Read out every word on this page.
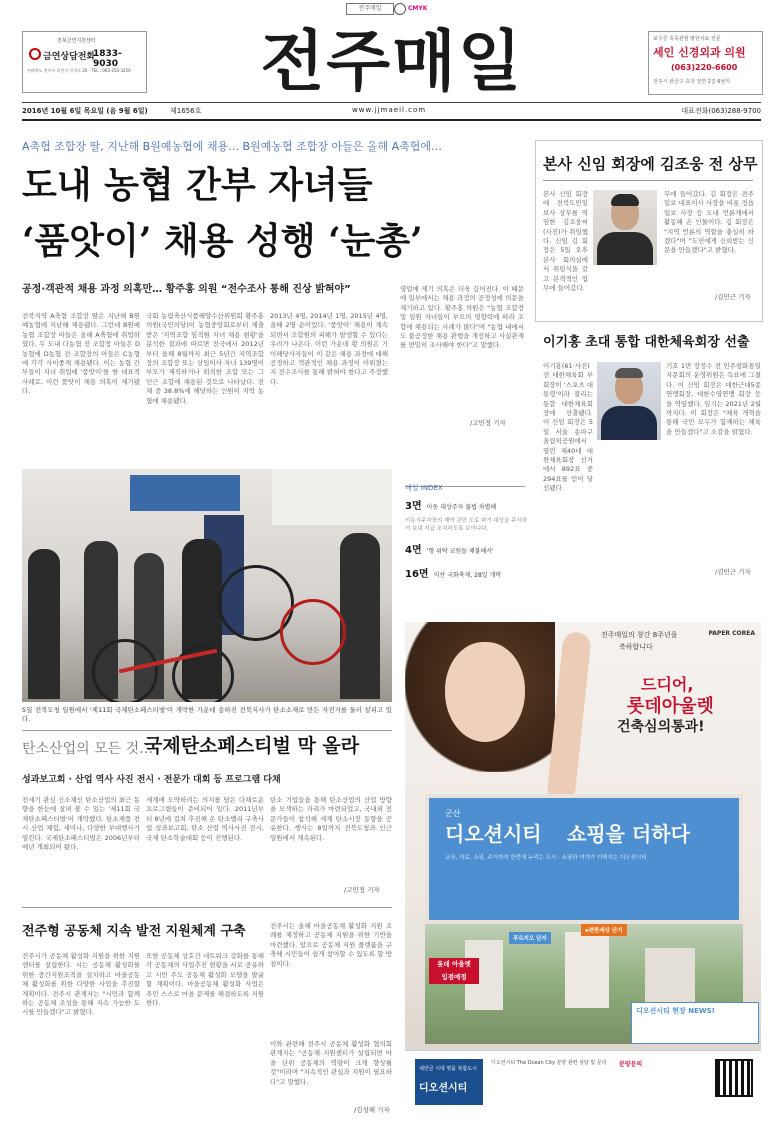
전주매일	CMYK
전북금연지원센터
금연상담전화
1833-9030
전라북도 전주시 덕진구 건지로 20 · TEL : 063-250-3250	전주매일	보수골 족족관절 병원치료 전문
세인 신경외과 의원
(063)220-6600
전주시 완산구 효자 전연 2길 6번지
2016년 10월 6일 목요일 (음 9월 6일)	제1656호	www.jjmaeil.com	대표전화(063)288-9700
A축협 조합장 딸, 지난해 B원예농협에 채용… B원예농협 조합장 아들은 올해 A축협에…
도내 농협 간부 자녀들
‘품앗이’ 채용 성행 ‘눈총’
공정·객관적 채용 과정 의혹만… 황주홍 의원 “전수조사 통해 진상 밝혀야”
전북지역 A축협 조합장 딸은 지난해 B원예농협에 지난해 채용됐다. 그런데 B원예농협 조합장 아들은 올해 A축협에 취업하였다. 두 도내 다농협 전 조합장 아들은 D농협에 D농협 전 조합장의 아들은 C농협에 각각 사이좋게 채용됐다. 이는 농협 간부들이 자녀 취업에 '품앗이'를 한 대표적 사례로, 이런 품앗이 채용 의혹이 제기됐다.
국회 농림축산식품해양수산위원회 황주홍 의원(국민의당)이 농협중앙회로부터 제출받은 '지역조합 임직원 자녀 채용 현황'을 분석한 결과에 따르면 전국에서 2012년부터 올해 8월까지 최근 5년간 지역조합장의 조합장 또는 상임이사 자녀 139명이 부모가 재직하거나 퇴직한 조합 또는 그 인근 조합에 채용된 것으로 나타났다. 전체 중 38.8%에 해당하는 인원이 지역 농협에 채용됐다.
2013년 4명, 2014년 1명, 2015년 4명, 올해 2명 순이었다. '품앗이' 채용이 계속되면서 조합원의 피해가 발생할 수 있다는 우려가 나온다. 이런 가운데 황 의원은 기 이해당사자들이 이 같은 채용 과정에 대해 공정하고 객관적인 채용 과정이 이뤄졌는지 전수조사를 통해 밝혀야 한다고 주장했다.
영업에 제기 의혹은 더욱 깊어진다. 이 때문에 일부에서는 채용 과정의 공정성에 의문을 제기하고 있다. 황주홍 의원은 "농협 조합장 및 임원 자녀들이 부모의 영향력에 따라 조합에 채용되는 사례가 많다"며 "농협 내에서도 불공정한 채용 관행을 개선하고 사실관계를 면밀히 조사해야 한다"고 말했다.
/고민정 기자
5일 전북도청 일원에서 '제11회 국제탄소페스티벌'이 개막한 가운데 송하진 전북지사가 탄소소재로 만든 자전거를 둘러 살피고 있다.
탄소산업의 모든 것…
국제탄소페스티벌 막 올라
성과보고회 · 산업 역사 사진 전시 · 전문가 대회 등 프로그램 다채
전세기 관심 신소재인 탄소산업의 최근 동향을 한눈에 살펴 볼 수 있는 '제11회 국제탄소페스티벌'이 개막했다. 탄소제품 전시 산업 체험, 세미나, 다양한 부대행사가 열린다. 국제탄소페스티벌은 2006년부터 매년 개최되어 왔다.
세계에 도약하려는 의지를 담은 다채로운 프로그램들이 준비되어 있다. 2011년부터 8년에 걸쳐 추진해 온 탄소밸리 구축사업 성과보고회, 탄소 산업 역사사진 전시, 국제 탄소학술대회 등이 진행된다.
탄소 기업들을 통해 탄소산업의 산업 방향을 모색하는 자리가 마련되었고, 국내외 전문가들이 참석해 세계 탄소시장 동향을 공유한다. 행사는 8일까지 전북도청과 인근 일원에서 계속된다.
/고민정 기자
전주형 공동체 지속 발전 지원체계 구축
전주시가 공동체 활성화 지원을 위한 지원센터를 설립한다. 시는 공동체 활성화를 위한 중간지원조직을 설치하고 마을공동체 활성화를 위한 다양한 사업을 추진할 계획이다. 전주시 관계자는 "시민과 함께하는 공동체 조성을 통해 지속 가능한 도시를 만들겠다"고 밝혔다.
또한 공동체 상호간 네트워크 강화를 통해 각 공동체의 사업추진 현황을 서로 공유하고 시민 주도 공동체 활성화 모델을 발굴할 계획이다. 마을공동체 활성화 사업은 주민 스스로 마을 문제를 해결하도록 지원한다.
전주시는 올해 마을공동체 활성화 지원 조례를 제정하고 공동체 지원을 위한 기반을 마련했다. 앞으로 공동체 지원 플랫폼을 구축해 시민들이 쉽게 참여할 수 있도록 할 방침이다.
이와 관련해 전주시 공동체 활성화 협의회 관계자는 "공동체 지원센터가 설립되면 마을 단위 공동체의 역량이 크게 향상될 것"이라며 "지속적인 관심과 지원이 필요하다"고 말했다.
/김성해 기자
본사 신임 회장에 김조웅 전 상무
본사 신임 회장에 전북도민일보사 상무를 역임한 김조웅씨(사진)가 취임했다. 신임 김 회장은 5일 오후 본사 회의실에서 취임식을 갖고 본격적인 업무에 들어갔다.
무에 들어갔다. 김 회장은 전주일보 대표이사 사장을 비롯 정읍일보 사장 등 도내 언론계에서 활동해 온 인물이다. 김 회장은 "지역 언론의 역할을 충실히 하겠다"며 "도민에게 신뢰받는 신문을 만들겠다"고 밝혔다.
/김민근 기자
이기홍 초대 통합 대한체육회장 선출
이기홍(61·사진) 전 대한체육회 부회장이 '스포츠 대통령'이라 불리는 통합 대한체육회장에 선출됐다. 이 신임 회장은 5일 서울 송파구 올림픽공원에서 열린 제40대 대한체육회장 선거에서 892표 중 294표를 얻어 당선됐다.
기호 1번 장정수 전 민주평화통일자문회의 운영위원은 득표에 그쳤다. 이 신임 회장은 대한근대5종연맹회장, 대한수영연맹 회장 등을 역임했다. 임기는 2021년 2월까지다. 이 회장은 "체육 개혁을 통해 국민 모두가 함께하는 체육을 만들겠다"고 소감을 밝혔다.
/김민근 기자
매일 INDEX
3면 아동 대상주자 불법 차별해
이동식주차장의 계약 관련 도로 파기 대상을 주시하여 보내 지급 조치하도록 보이니다.
4면 '형 위탁 교원들 체불해서'
16면 익산 국화축제, 28일 개막
PAPER COREA
전주매일의 창간 8주년을
축하합니다
드디어,
롯데아울렛
건축심의통과!
군산
디오션시티 쇼핑을 더하다
교육, 의료, 쇼핑, 주거까지 한번에 누리는 도시 · 쇼핑과 여가가 더해지는 디오션시티
롯데 아울렛
입점예정
푸르지오 단지
e편한세상 단지
디오션시티 현장 NEWS!
새만금 시대 명품 복합도시
디오션시티
디오션시티 The Ocean City 분양 관련 상담 및 문의	분양문의
